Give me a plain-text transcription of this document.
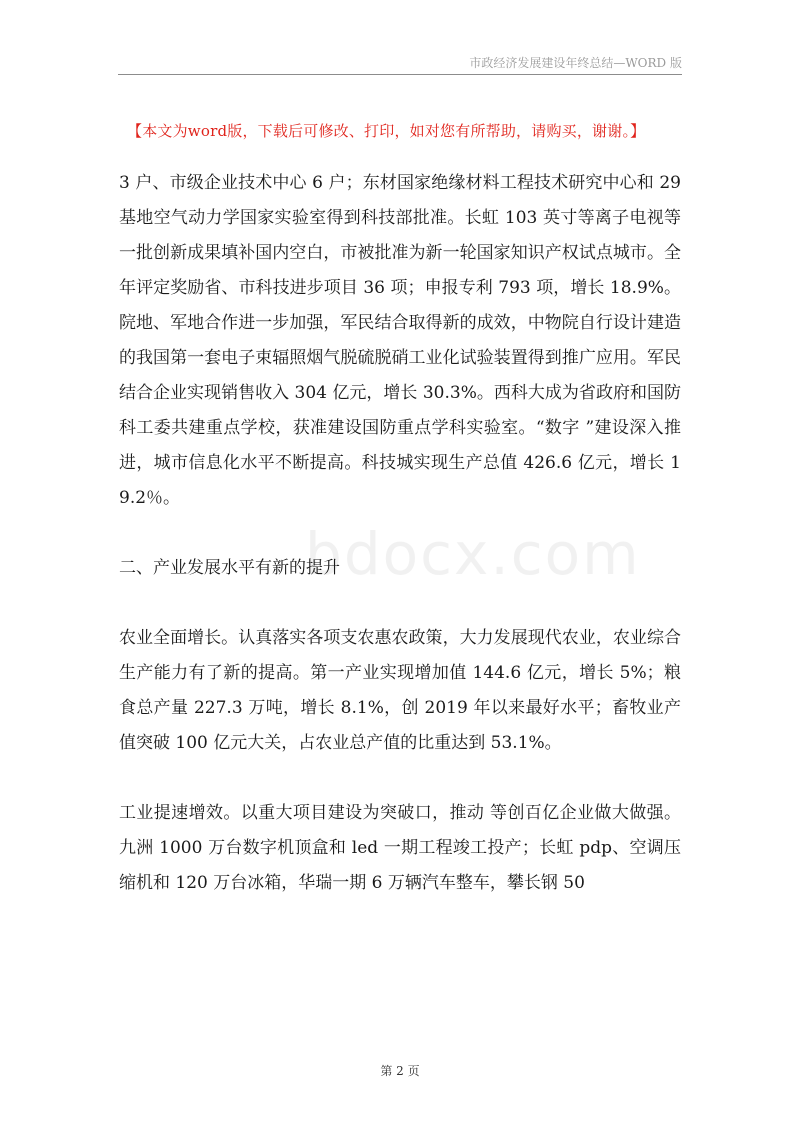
市政经济发展建设年终总结—WORD 版
【本文为word版，下载后可修改、打印，如对您有所帮助，请购买，谢谢。】
bdocx.com

3 户、市级企业技术中心 6 户；东材国家绝缘材料工程技术研究中心和 29 基地空气动力学国家实验室得到科技部批准。长虹 103 英寸等离子电视等一批创新成果填补国内空白，市被批准为新一轮国家知识产权试点城市。全年评定奖励省、市科技进步项目 36 项；申报专利 793 项，增长 18.9%。院地、军地合作进一步加强，军民结合取得新的成效，中物院自行设计建造的我国第一套电子束辐照烟气脱硫脱硝工业化试验装置得到推广应用。军民结合企业实现销售收入 304 亿元，增长 30.3%。西科大成为省政府和国防科工委共建重点学校，获准建设国防重点学科实验室。“数字 ”建设深入推进，城市信息化水平不断提高。科技城实现生产总值 426.6 亿元，增长 19.2％。

二、产业发展水平有新的提升

农业全面增长。认真落实各项支农惠农政策，大力发展现代农业，农业综合生产能力有了新的提高。第一产业实现增加值 144.6 亿元，增长 5%；粮食总产量 227.3 万吨，增长 8.1%，创 2019 年以来最好水平；畜牧业产值突破 100 亿元大关，占农业总产值的比重达到 53.1%。

工业提速增效。以重大项目建设为突破口，推动 等创百亿企业做大做强。九洲 1000 万台数字机顶盒和 led 一期工程竣工投产；长虹 pdp、空调压缩机和 120 万台冰箱，华瑞一期 6 万辆汽车整车，攀长钢 50

第 2 页
